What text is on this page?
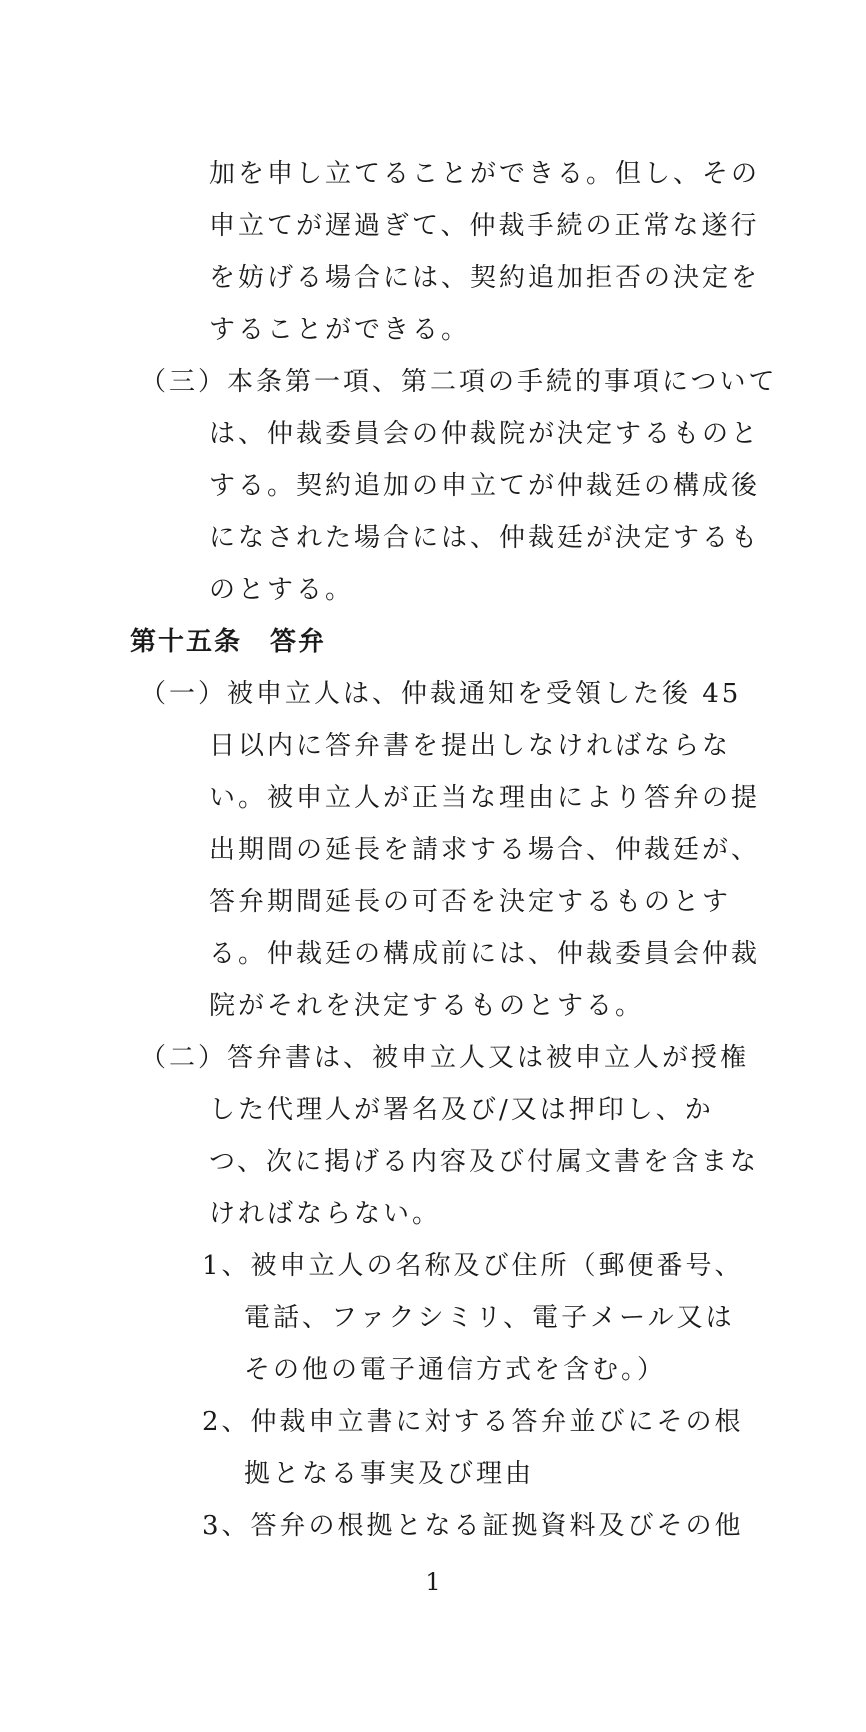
加を申し立てることができる。但し、その
申立てが遅過ぎて、仲裁手続の正常な遂行
を妨げる場合には、契約追加拒否の決定を
することができる。
（三）本条第一項、第二項の手続的事項について
は、仲裁委員会の仲裁院が決定するものと
する。契約追加の申立てが仲裁廷の構成後
になされた場合には、仲裁廷が決定するも
のとする。
第十五条　答弁
（一）被申立人は、仲裁通知を受領した後 45
日以内に答弁書を提出しなければならな
い。被申立人が正当な理由により答弁の提
出期間の延長を請求する場合、仲裁廷が、
答弁期間延長の可否を決定するものとす
る。仲裁廷の構成前には、仲裁委員会仲裁
院がそれを決定するものとする。
（二）答弁書は、被申立人又は被申立人が授権
した代理人が署名及び/又は押印し、か
つ、次に掲げる内容及び付属文書を含まな
ければならない。
1、被申立人の名称及び住所（郵便番号、
電話、ファクシミリ、電子メール又は
その他の電子通信方式を含む。）
2、仲裁申立書に対する答弁並びにその根
拠となる事実及び理由
3、答弁の根拠となる証拠資料及びその他
1
